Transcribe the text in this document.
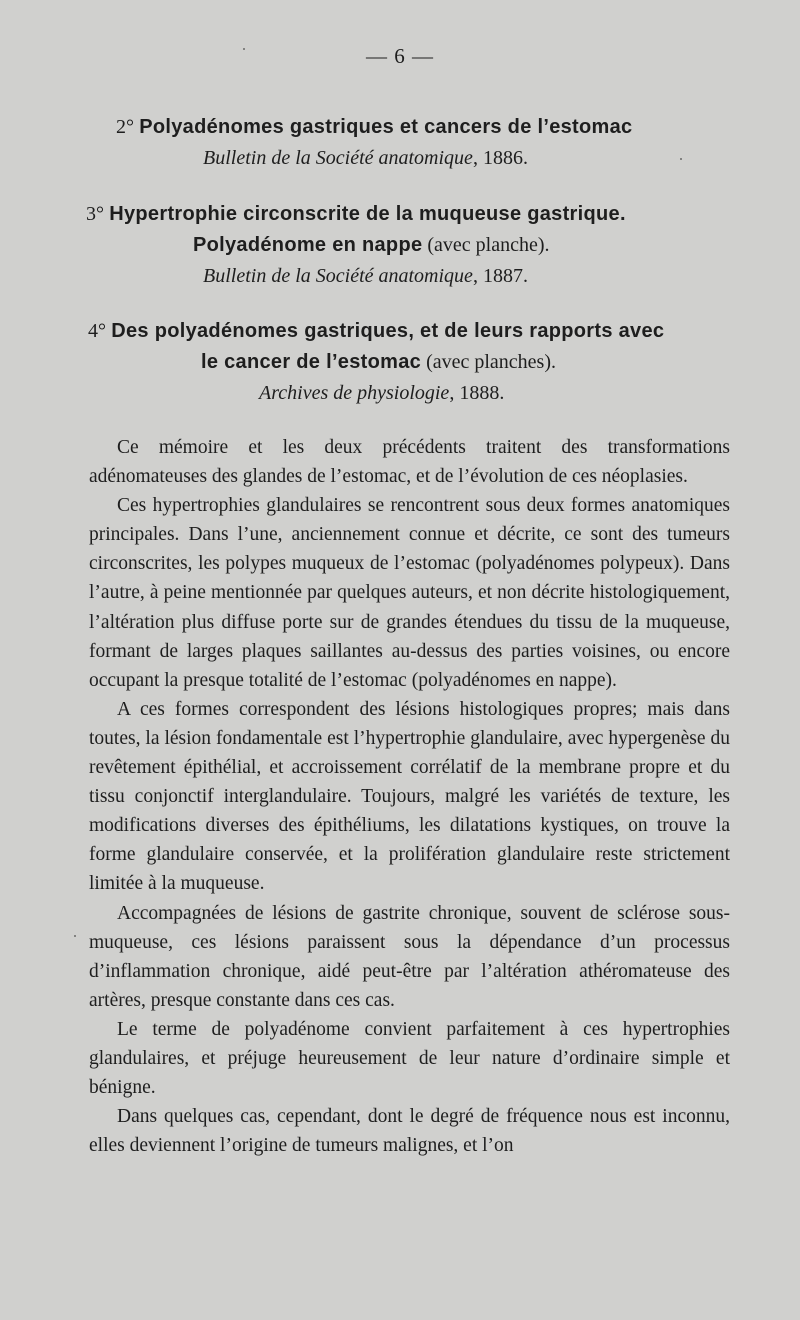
— 6 —
2° Polyadénomes gastriques et cancers de l’estomac
Bulletin de la Société anatomique, 1886.
3° Hypertrophie circonscrite de la muqueuse gastrique.
Polyadénome en nappe (avec planche).
Bulletin de la Société anatomique, 1887.
4° Des polyadénomes gastriques, et de leurs rapports avec
le cancer de l’estomac (avec planches).
Archives de physiologie, 1888.

Ce mémoire et les deux précédents traitent des transformations adénomateuses des glandes de l’estomac, et de l’évolution de ces néoplasies.

Ces hypertrophies glandulaires se rencontrent sous deux formes anatomiques principales. Dans l’une, anciennement connue et décrite, ce sont des tumeurs circonscrites, les polypes muqueux de l’estomac (polyadénomes polypeux). Dans l’autre, à peine mentionnée par quelques auteurs, et non décrite histologiquement, l’altération plus diffuse porte sur de grandes étendues du tissu de la muqueuse, formant de larges plaques saillantes au-dessus des parties voisines, ou encore occupant la presque totalité de l’estomac (polyadénomes en nappe).

A ces formes correspondent des lésions histologiques propres; mais dans toutes, la lésion fondamentale est l’hypertrophie glandulaire, avec hypergenèse du revêtement épithélial, et accroissement corrélatif de la membrane propre et du tissu conjonctif interglandulaire. Toujours, malgré les variétés de texture, les modifications diverses des épithéliums, les dilatations kystiques, on trouve la forme glandulaire conservée, et la prolifération glandulaire reste strictement limitée à la muqueuse.

Accompagnées de lésions de gastrite chronique, souvent de sclérose sous-muqueuse, ces lésions paraissent sous la dépendance d’un processus d’inflammation chronique, aidé peut-être par l’altération athéromateuse des artères, presque constante dans ces cas.

Le terme de polyadénome convient parfaitement à ces hypertrophies glandulaires, et préjuge heureusement de leur nature d’ordinaire simple et bénigne.

Dans quelques cas, cependant, dont le degré de fréquence nous est inconnu, elles deviennent l’origine de tumeurs malignes, et l’on
